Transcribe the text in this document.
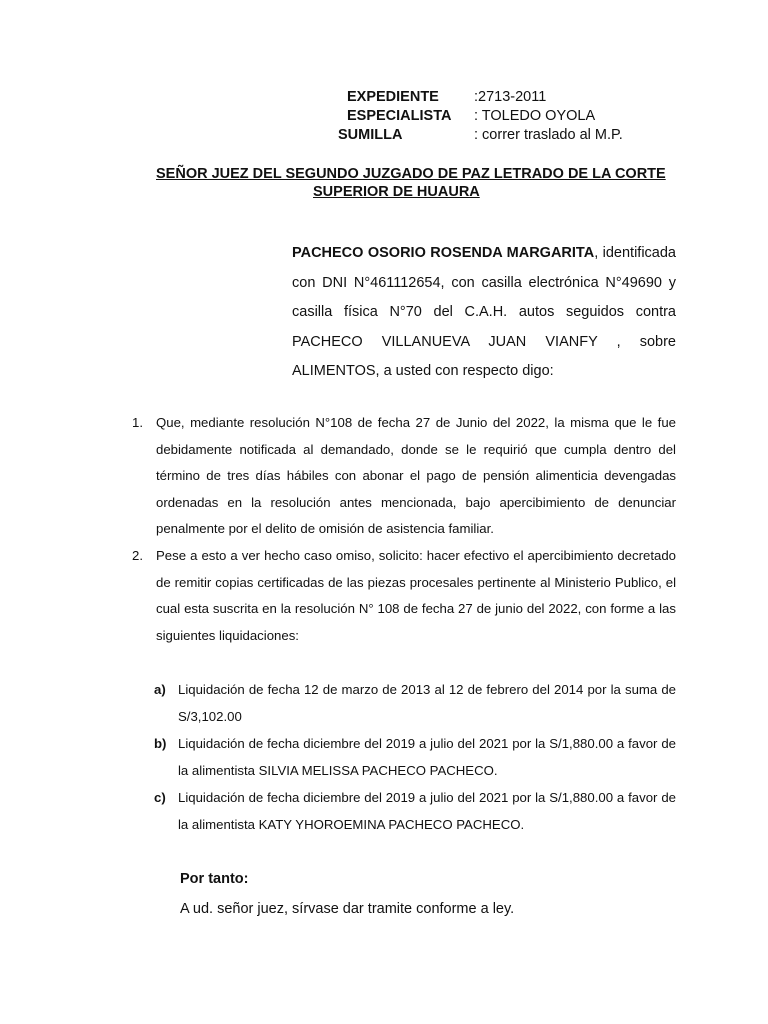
EXPEDIENTE :2713-2011
ESPECIALISTA : TOLEDO OYOLA
SUMILLA	: correr traslado al M.P.
SEÑOR JUEZ DEL SEGUNDO JUZGADO DE PAZ LETRADO DE LA CORTE
SUPERIOR DE HUAURA
PACHECO OSORIO ROSENDA MARGARITA, identificada con DNI N°461112654, con casilla electrónica N°49690 y casilla física N°70 del C.A.H. autos seguidos contra PACHECO VILLANUEVA JUAN VIANFY , sobre
ALIMENTOS, a usted con respecto digo:
1. Que, mediante resolución N°108 de fecha 27 de Junio del 2022, la misma que le fue debidamente notificada al demandado, donde se le requirió que cumpla dentro del término de tres días hábiles con abonar el pago de pensión alimenticia devengadas ordenadas en la resolución antes mencionada, bajo apercibimiento de denunciar penalmente por el delito de omisión de asistencia familiar.
2. Pese a esto a ver hecho caso omiso, solicito: hacer efectivo el apercibimiento decretado de remitir copias certificadas de las piezas procesales pertinente al Ministerio Publico, el cual esta suscrita en la resolución N° 108 de fecha 27 de junio del 2022, con forme a las siguientes liquidaciones:
a) Liquidación de fecha 12 de marzo de 2013 al 12 de febrero del 2014 por la suma de S/3,102.00
b) Liquidación de fecha diciembre del 2019 a julio del 2021 por la S/1,880.00 a favor de la alimentista SILVIA MELISSA PACHECO PACHECO.
c) Liquidación de fecha diciembre del 2019 a julio del 2021 por la S/1,880.00 a favor de la alimentista KATY YHOROEMINA PACHECO PACHECO.
Por tanto:
A ud. señor juez, sírvase dar tramite conforme a ley.
